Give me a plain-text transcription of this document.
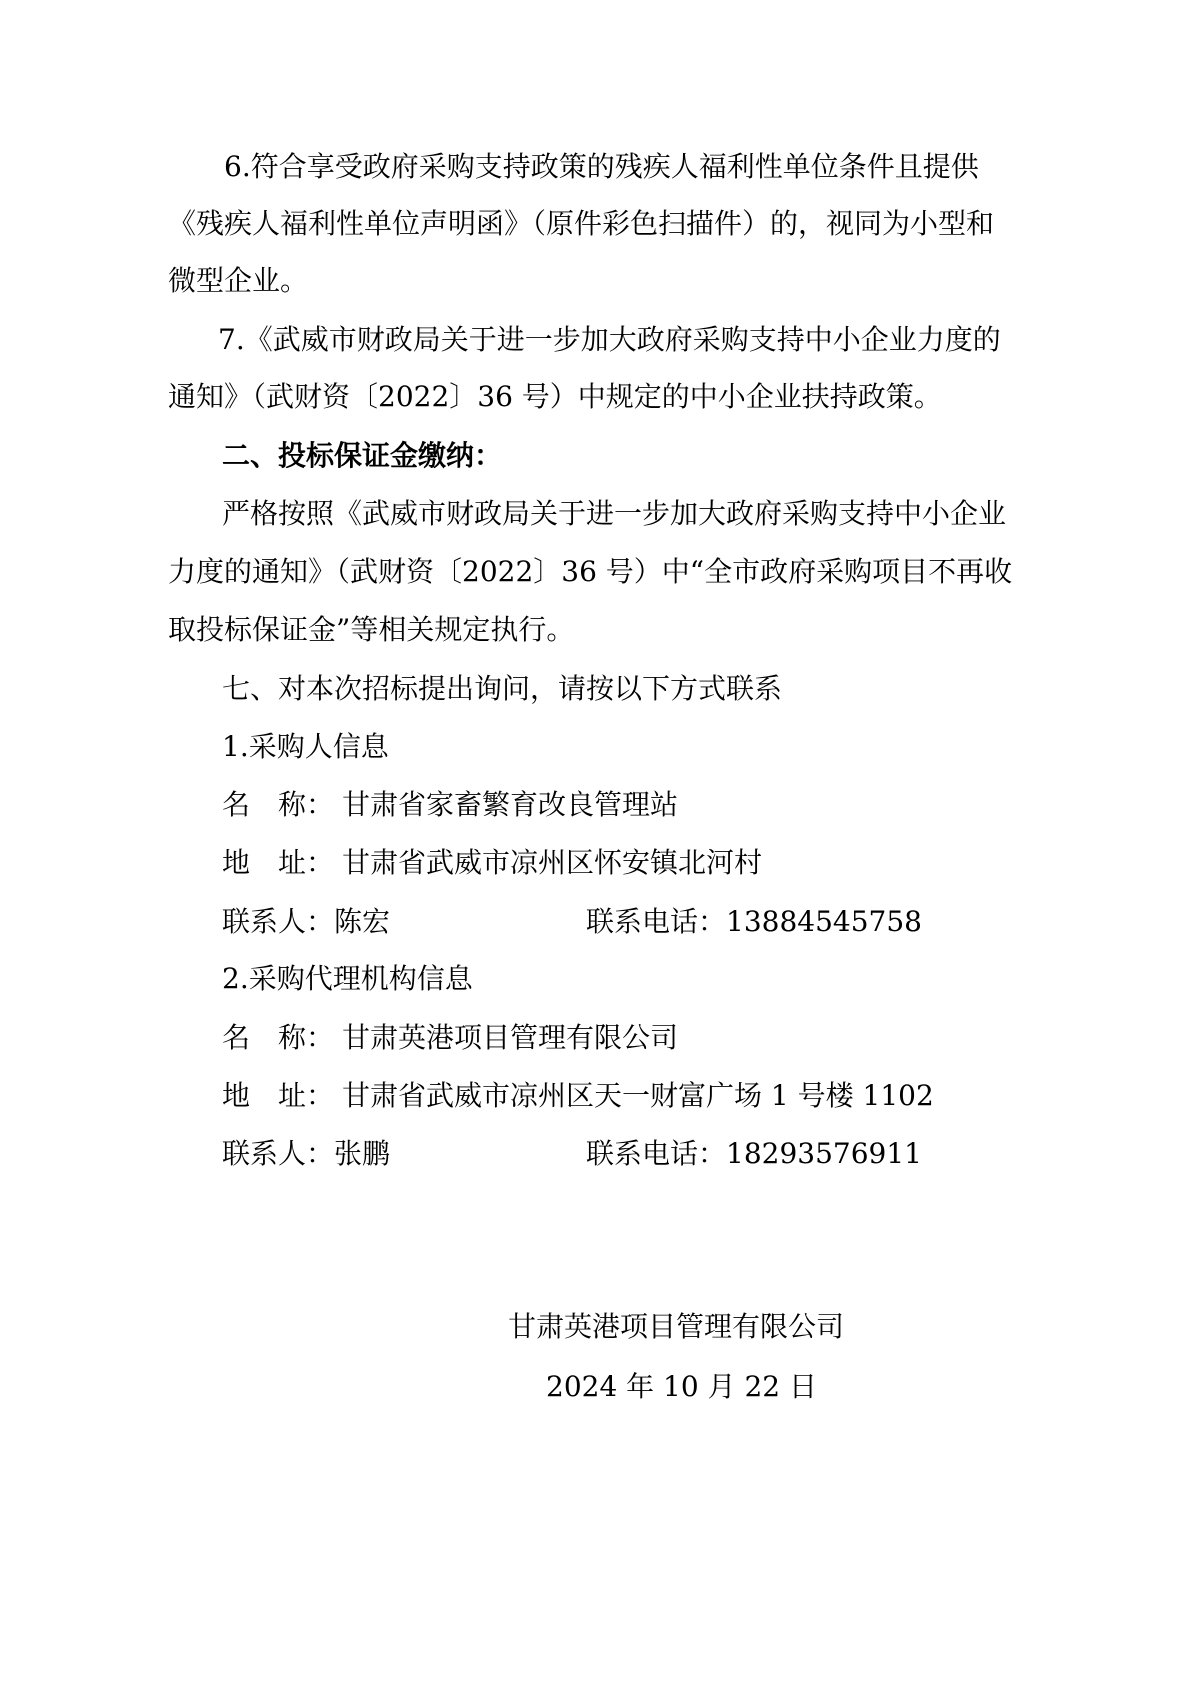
6.符合享受政府采购支持政策的残疾人福利性单位条件且提供

《残疾人福利性单位声明函》（原件彩色扫描件）的，视同为小型和

微型企业。

7.《武威市财政局关于进一步加大政府采购支持中小企业力度的

通知》（武财资〔2022〕36 号）中规定的中小企业扶持政策。

二、投标保证金缴纳：

严格按照《武威市财政局关于进一步加大政府采购支持中小企业

力度的通知》（武财资〔2022〕36 号）中“全市政府采购项目不再收

取投标保证金”等相关规定执行。

七、对本次招标提出询问，请按以下方式联系

1.采购人信息

名　称： 甘肃省家畜繁育改良管理站

地　址： 甘肃省武威市凉州区怀安镇北河村

联系人：陈宏	联系电话：13884545758

2.采购代理机构信息

名　称： 甘肃英港项目管理有限公司

地　址： 甘肃省武威市凉州区天一财富广场 1 号楼 1102

联系人：张鹏	联系电话：18293576911

甘肃英港项目管理有限公司

2024 年 10 月 22 日
